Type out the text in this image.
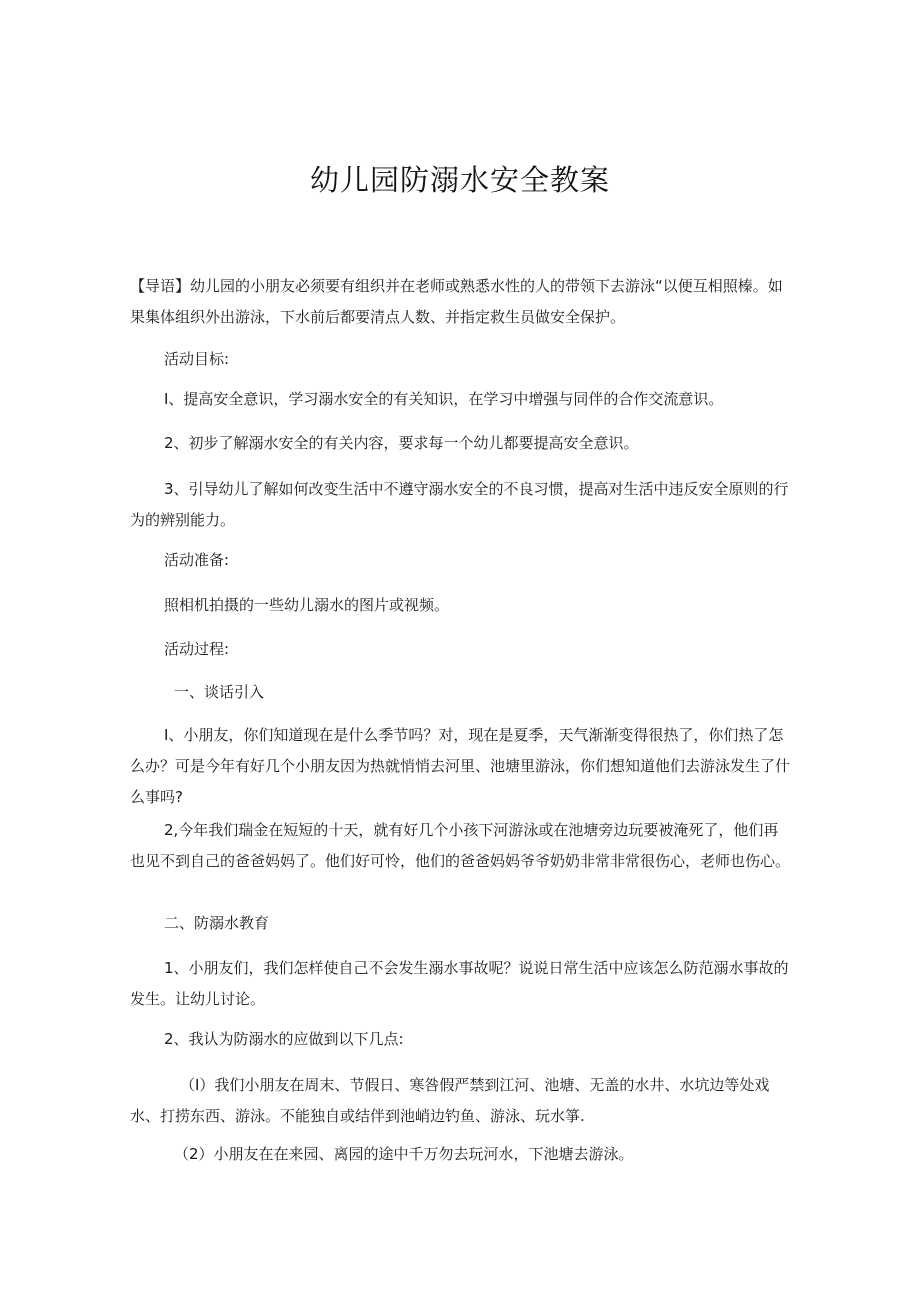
幼儿园防溺水安全教案

【导语】幼儿园的小朋友必须要有组织并在老师或熟悉水性的人的带领下去游泳“以便互相照榛。如果集体组织外出游泳，下水前后都要清点人数、并指定救生员做安全保护。

活动目标:

I、提高安全意识，学习溺水安全的有关知识，在学习中增强与同伴的合作交流意识。

2、初步了解溺水安全的有关内容，要求每一个幼儿都要提高安全意识。

3、引导幼儿了解如何改变生活中不遵守溺水安全的不良习惯，提高对生活中违反安全原则的行为的辨别能力。

活动准备:

照相机拍摄的一些幼儿溺水的图片或视频。

活动过程:

一、谈话引入

I、小朋友，你们知道现在是什么季节吗？对，现在是夏季，天气渐渐变得很热了，你们热了怎么办？可是今年有好几个小朋友因为热就悄悄去河里、池塘里游泳，你们想知道他们去游泳发生了什么事吗?

2,今年我们瑞金在短短的十天，就有好几个小孩下河游泳或在池塘旁边玩要被淹死了，他们再也见不到自己的爸爸妈妈了。他们好可怜，他们的爸爸妈妈爷爷奶奶非常非常很伤心，老师也伤心。

二、防溺水教育

1、小朋友们，我们怎样使自己不会发生溺水事故呢？说说日常生活中应该怎么防范溺水事故的发生。让幼儿讨论。

2、我认为防溺水的应做到以下几点:

（I）我们小朋友在周末、节假日、寒咎假严禁到江河、池塘、无盖的水井、水坑边等处戏水、打捞东西、游泳。不能独自或结伴到池峭边钓鱼、游泳、玩水箏.

（2）小朋友在在来园、离园的途中千万勿去玩河水，下池塘去游泳。
